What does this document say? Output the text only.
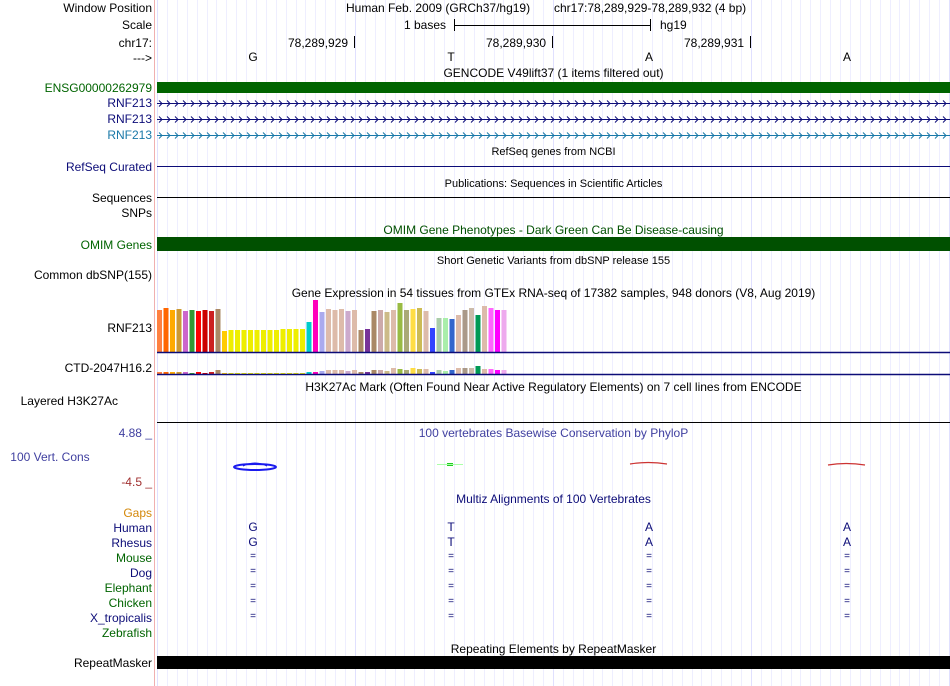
Window Position	Human Feb. 2009 (GRCh37/hg19) chr17:78,289,929-78,289,932 (4 bp)
Scale	1 bases	hg19
chr17:	78,289,929	78,289,930	78,289,931
--->	G	T	A	A
GENCODE V49lift37 (1 items filtered out)
ENSG00000262979
RNF213
RNF213
RNF213
RefSeq genes from NCBI
RefSeq Curated
Publications: Sequences in Scientific Articles
Sequences
SNPs
OMIM Gene Phenotypes - Dark Green Can Be Disease-causing
OMIM Genes
Short Genetic Variants from dbSNP release 155
Common dbSNP(155)
Gene Expression in 54 tissues from GTEx RNA-seq of 17382 samples, 948 donors (V8, Aug 2019)
RNF213
CTD-2047H16.2
H3K27Ac Mark (Often Found Near Active Regulatory Elements) on 7 cell lines from ENCODE
Layered H3K27Ac
100 vertebrates Basewise Conservation by PhyloP
4.88 _
100 Vert. Cons
-4.5 _
Multiz Alignments of 100 Vertebrates
Gaps
Human	G	T	A	A
Rhesus	G	T	A	A
Mouse	=	=	=	=
Dog	=	=	=	=
Elephant	=	=	=	=
Chicken	=	=	=	=
X_tropicalis	=	=	=	=
Zebrafish
Repeating Elements by RepeatMasker
RepeatMasker
